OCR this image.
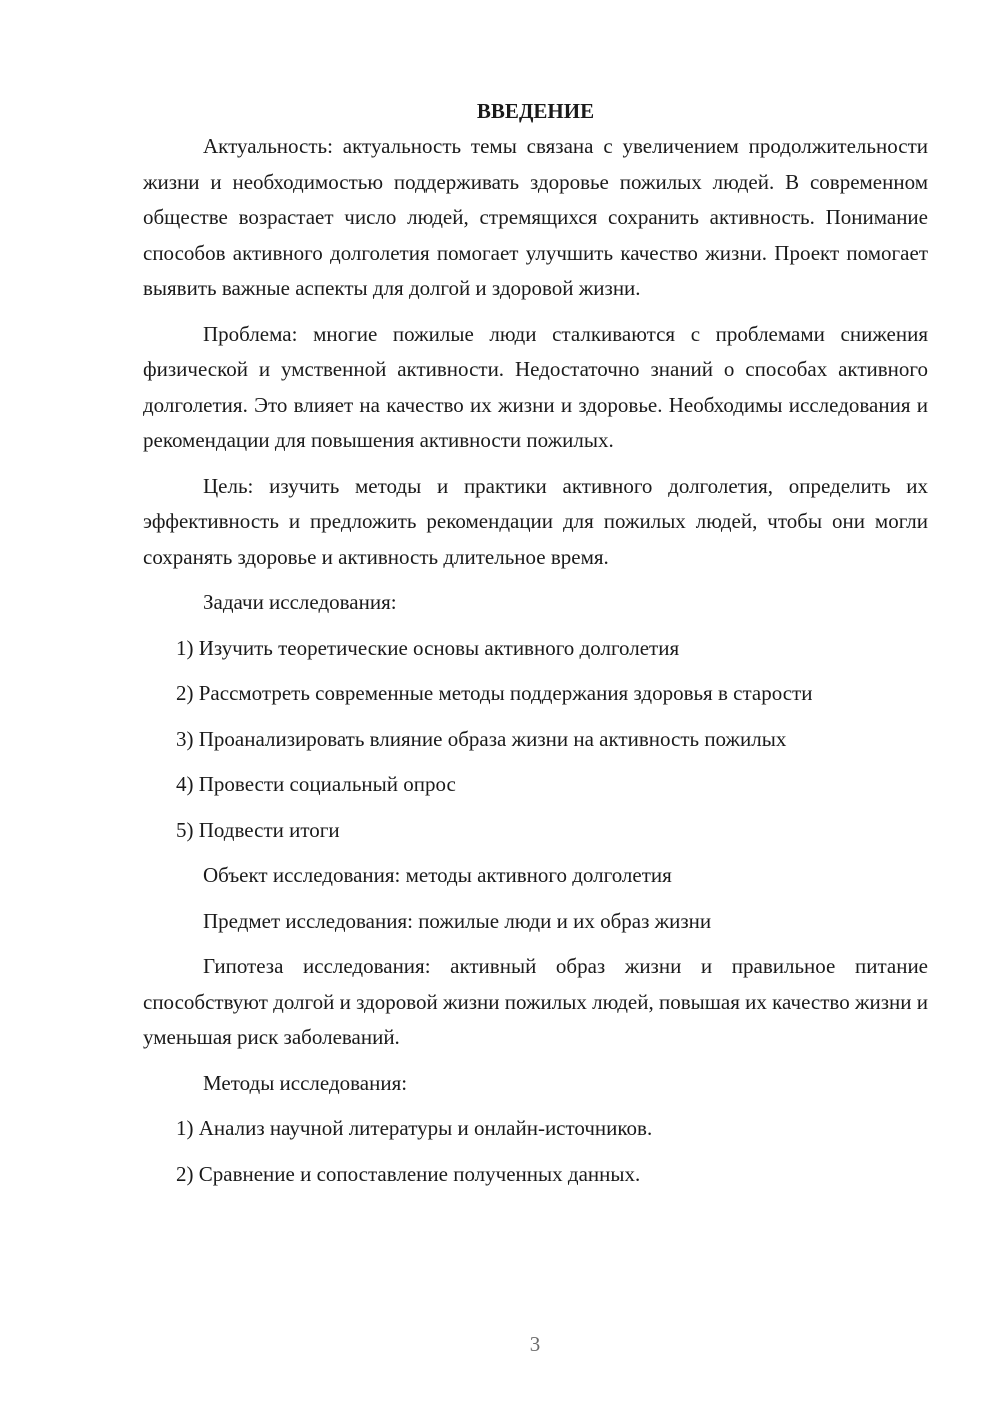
ВВЕДЕНИЕ

Актуальность: актуальность темы связана с увеличением продолжительности жизни и необходимостью поддерживать здоровье пожилых людей. В современном обществе возрастает число людей, стремящихся сохранить активность. Понимание способов активного долголетия помогает улучшить качество жизни. Проект помогает выявить важные аспекты для долгой и здоровой жизни.

Проблема: многие пожилые люди сталкиваются с проблемами снижения физической и умственной активности. Недостаточно знаний о способах активного долголетия. Это влияет на качество их жизни и здоровье. Необходимы исследования и рекомендации для повышения активности пожилых.

Цель: изучить методы и практики активного долголетия, определить их эффективность и предложить рекомендации для пожилых людей, чтобы они могли сохранять здоровье и активность длительное время.

Задачи исследования:

1) Изучить теоретические основы активного долголетия

2) Рассмотреть современные методы поддержания здоровья в старости

3) Проанализировать влияние образа жизни на активность пожилых

4) Провести социальный опрос

5) Подвести итоги

Объект исследования: методы активного долголетия

Предмет исследования: пожилые люди и их образ жизни

Гипотеза исследования: активный образ жизни и правильное питание способствуют долгой и здоровой жизни пожилых людей, повышая их качество жизни и уменьшая риск заболеваний.

Методы исследования:

1) Анализ научной литературы и онлайн-источников.

2) Сравнение и сопоставление полученных данных.

3
